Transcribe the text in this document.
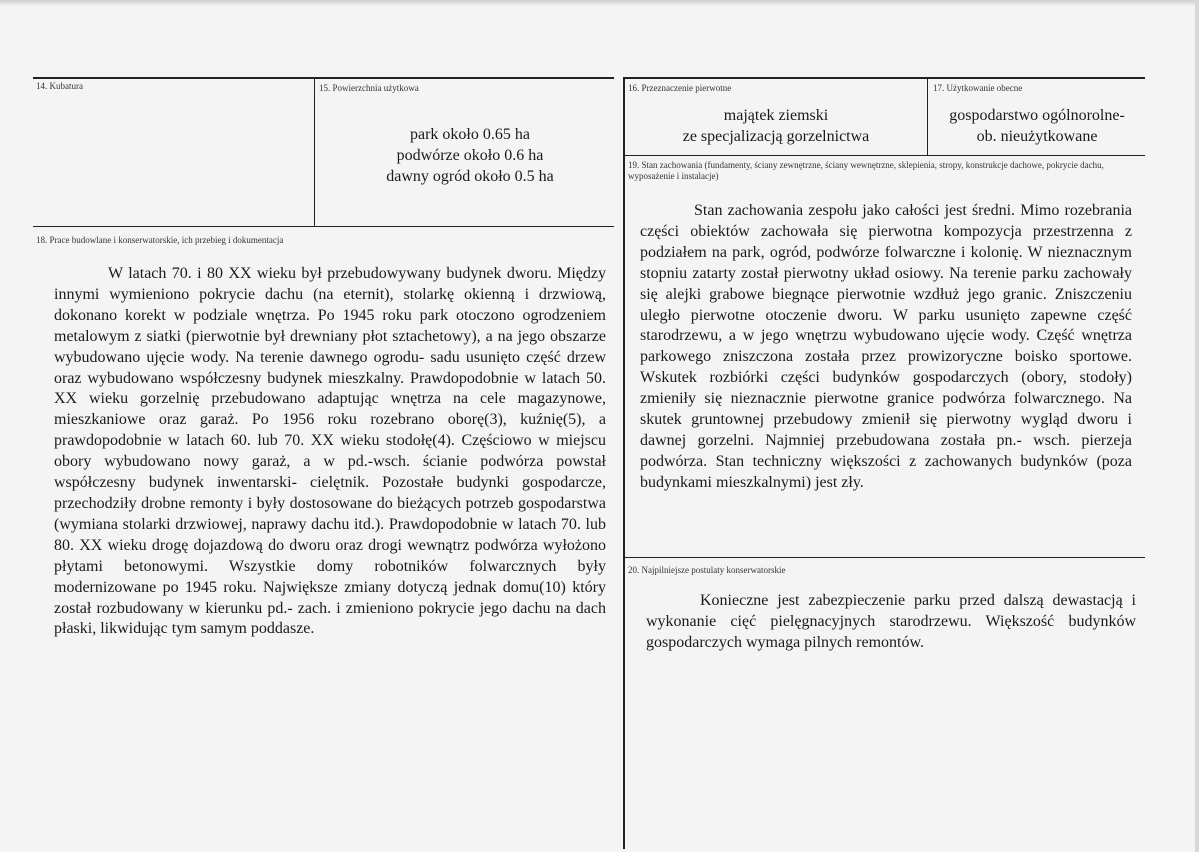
14. Kubatura	15. Powierzchnia użytkowa
park około 0.65 ha
podwórze około 0.6 ha
dawny ogród około 0.5 ha
16. Przeznaczenie pierwotne
majątek ziemski
ze specjalizacją gorzelnictwa
17. Użytkowanie obecne
gospodarstwo ogólnorolne-
ob. nieużytkowane
18. Prace budowlane i konserwatorskie, ich przebieg i dokumentacja

W latach 70. i 80 XX wieku był przebudowywany budynek dworu. Między innymi wymieniono pokrycie dachu (na eternit), stolarkę okienną i drzwiową, dokonano korekt w podziale wnętrza. Po 1945 roku park otoczono ogrodzeniem metalowym z siatki (pierwotnie był drewniany płot sztachetowy), a na jego obszarze wybudowano ujęcie wody. Na terenie dawnego ogrodu- sadu usunięto część drzew oraz wybudowano współczesny budynek mieszkalny. Prawdopodobnie w latach 50. XX wieku gorzelnię przebudowano adaptując wnętrza na cele magazynowe, mieszkaniowe oraz garaż. Po 1956 roku rozebrano oborę(3), kuźnię(5), a prawdopodobnie w latach 60. lub 70. XX wieku stodołę(4). Częściowo w miejscu obory wybudowano nowy garaż, a w pd.-wsch. ścianie podwórza powstał współczesny budynek inwentarski- cielętnik. Pozostałe budynki gospodarcze, przechodziły drobne remonty i były dostosowane do bieżących potrzeb gospodarstwa (wymiana stolarki drzwiowej, naprawy dachu itd.). Prawdopodobnie w latach 70. lub 80. XX wieku drogę dojazdową do dworu oraz drogi wewnątrz podwórza wyłożono płytami betonowymi. Wszystkie domy robotników folwarcznych były modernizowane po 1945 roku. Największe zmiany dotyczą jednak domu(10) który został rozbudowany w kierunku pd.- zach. i zmieniono pokrycie jego dachu na dach płaski, likwidując tym samym poddasze.

19. Stan zachowania (fundamenty, ściany zewnętrzne, ściany wewnętrzne, sklepienia, stropy, konstrukcje dachowe, pokrycie dachu, wyposażenie i instalacje)

Stan zachowania zespołu jako całości jest średni. Mimo rozebrania części obiektów zachowała się pierwotna kompozycja przestrzenna z podziałem na park, ogród, podwórze folwarczne i kolonię. W nieznacznym stopniu zatarty został pierwotny układ osiowy. Na terenie parku zachowały się alejki grabowe biegnące pierwotnie wzdłuż jego granic. Zniszczeniu uległo pierwotne otoczenie dworu. W parku usunięto zapewne część starodrzewu, a w jego wnętrzu wybudowano ujęcie wody. Część wnętrza parkowego zniszczona została przez prowizoryczne boisko sportowe. Wskutek rozbiórki części budynków gospodarczych (obory, stodoły) zmieniły się nieznacznie pierwotne granice podwórza folwarcznego. Na skutek gruntownej przebudowy zmienił się pierwotny wygląd dworu i dawnej gorzelni. Najmniej przebudowana została pn.- wsch. pierzeja podwórza. Stan techniczny większości z zachowanych budynków (poza budynkami mieszkalnymi) jest zły.

20. Najpilniejsze postulaty konserwatorskie

Konieczne jest zabezpieczenie parku przed dalszą dewastacją i wykonanie cięć pielęgnacyjnych starodrzewu. Większość budynków gospodarczych wymaga pilnych remontów.
